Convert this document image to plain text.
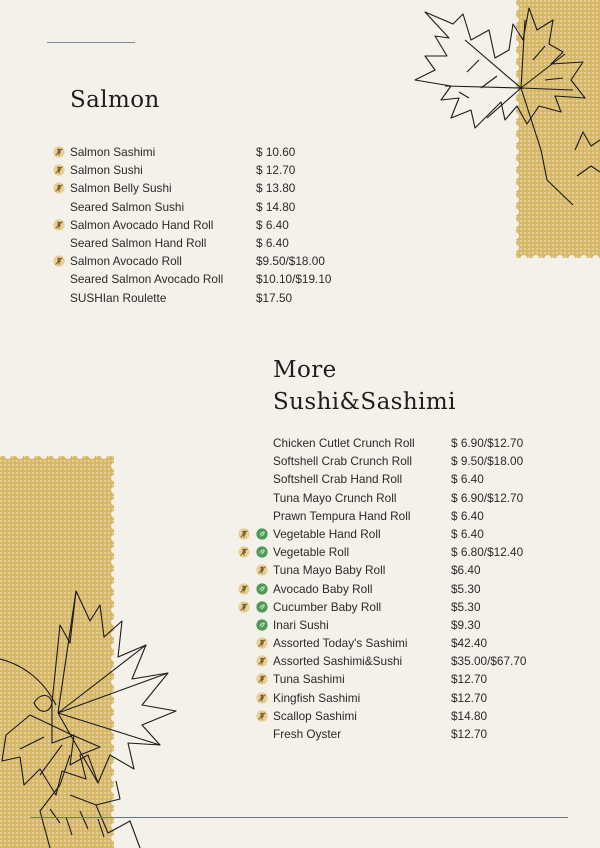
Salmon
Salmon Sashimi	$ 10.60
Salmon Sushi	$ 12.70
Salmon Belly Sushi	$ 13.80
Seared Salmon Sushi	$ 14.80
Salmon Avocado Hand Roll	$ 6.40
Seared Salmon Hand Roll	$ 6.40
Salmon Avocado Roll	$9.50/$18.00
Seared Salmon Avocado Roll	$10.10/$19.10
SUSHIan Roulette	$17.50
More
Sushi&Sashimi
Chicken Cutlet Crunch Roll	$ 6.90/$12.70
Softshell Crab Crunch Roll	$ 9.50/$18.00
Softshell Crab Hand Roll	$ 6.40
Tuna Mayo Crunch Roll	$ 6.90/$12.70
Prawn Tempura Hand Roll	$ 6.40
Vegetable Hand Roll	$ 6.40
Vegetable Roll	$ 6.80/$12.40
Tuna Mayo Baby Roll	$6.40
Avocado Baby Roll	$5.30
Cucumber Baby Roll	$5.30
Inari Sushi	$9.30
Assorted Today's Sashimi	$42.40
Assorted Sashimi&Sushi	$35.00/$67.70
Tuna Sashimi	$12.70
Kingfish Sashimi	$12.70
Scallop Sashimi	$14.80
Fresh Oyster	$12.70
